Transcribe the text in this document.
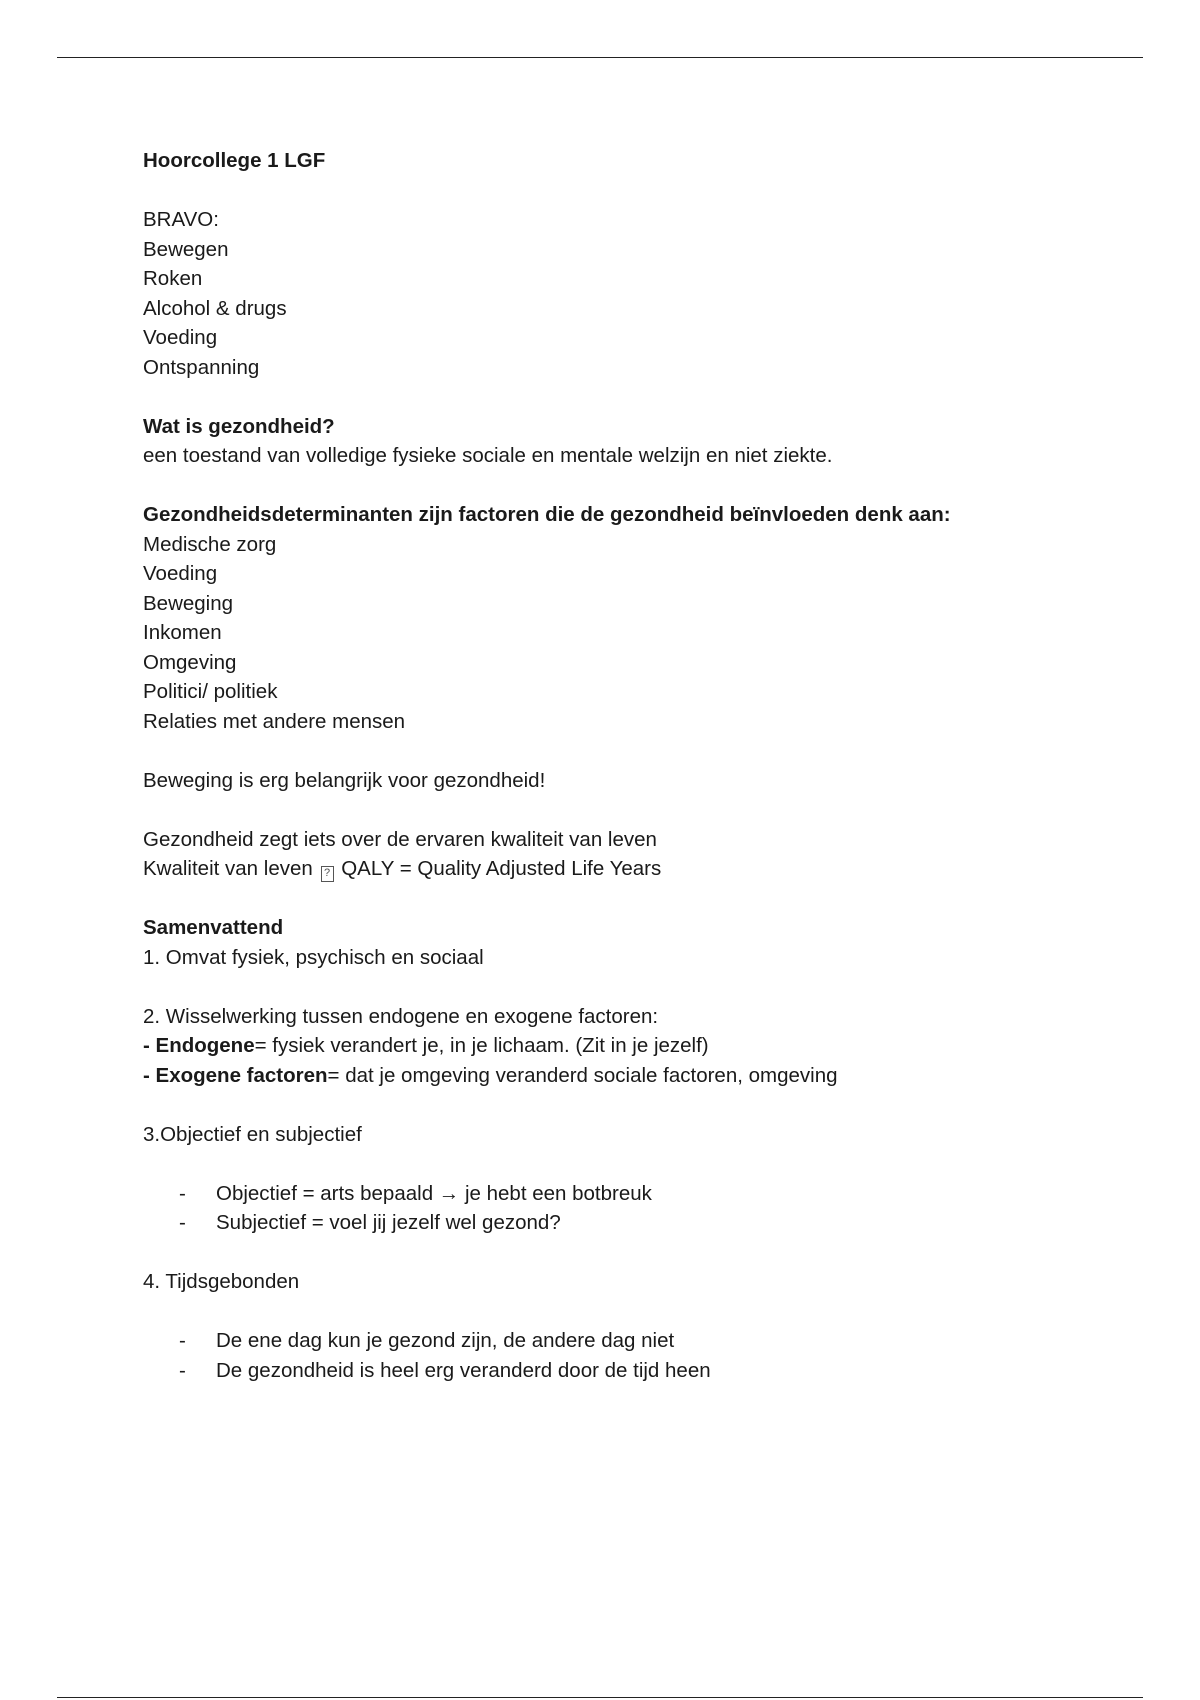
Hoorcollege 1 LGF
BRAVO:
Bewegen
Roken
Alcohol & drugs
Voeding
Ontspanning
Wat is gezondheid?
een toestand van volledige fysieke sociale en mentale welzijn en niet ziekte.
Gezondheidsdeterminanten zijn factoren die de gezondheid beïnvloeden denk aan:
Medische zorg
Voeding
Beweging
Inkomen
Omgeving
Politici/ politiek
Relaties met andere mensen
Beweging is erg belangrijk voor gezondheid!
Gezondheid zegt iets over de ervaren kwaliteit van leven
Kwaliteit van leven ? QALY = Quality Adjusted Life Years
Samenvattend
1. Omvat fysiek, psychisch en sociaal
2. Wisselwerking tussen endogene en exogene factoren:
- Endogene= fysiek verandert je, in je lichaam. (Zit in je jezelf)
- Exogene factoren= dat je omgeving veranderd sociale factoren, omgeving
3.Objectief en subjectief
- Objectief = arts bepaald → je hebt een botbreuk
- Subjectief = voel jij jezelf wel gezond?
4. Tijdsgebonden
- De ene dag kun je gezond zijn, de andere dag niet
- De gezondheid is heel erg veranderd door de tijd heen
